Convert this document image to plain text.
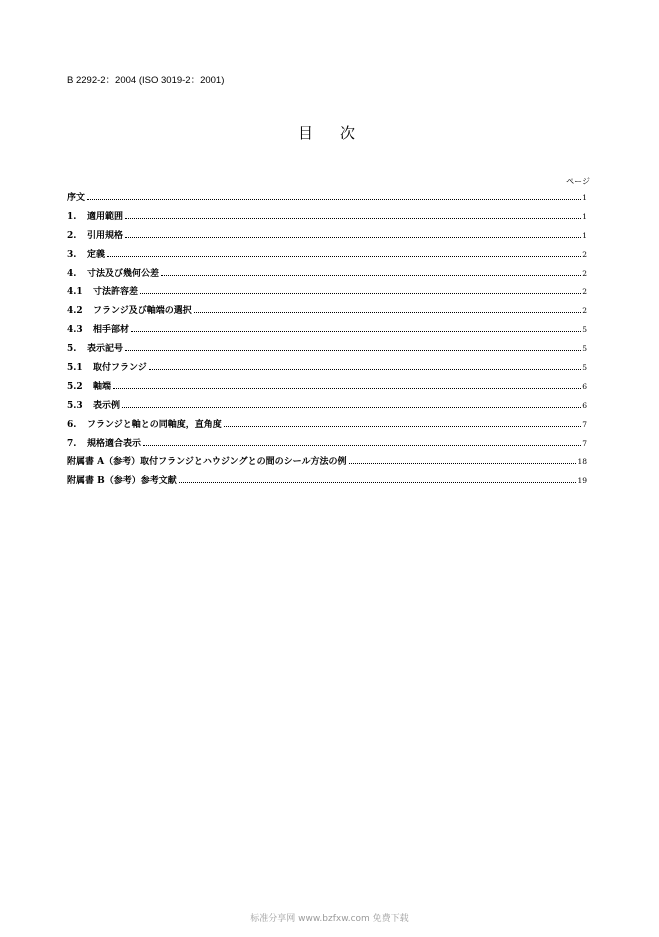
B 2292-2：2004 (ISO 3019-2：2001)
目　次
ページ
序文	1
1.	適用範囲	1
2.	引用規格	1
3.	定義	2
4.	寸法及び幾何公差	2
4.1	寸法許容差	2
4.2	フランジ及び軸端の選択	2
4.3	相手部材	5
5.	表示記号	5
5.1	取付フランジ	5
5.2	軸端	6
5.3	表示例	6
6.	フランジと軸との同軸度，直角度	7
7.	規格適合表示	7
附属書 A（参考）取付フランジとハウジングとの間のシール方法の例	18
附属書 B（参考）参考文献	19
标准分享网 www.bzfxw.com 免费下载
